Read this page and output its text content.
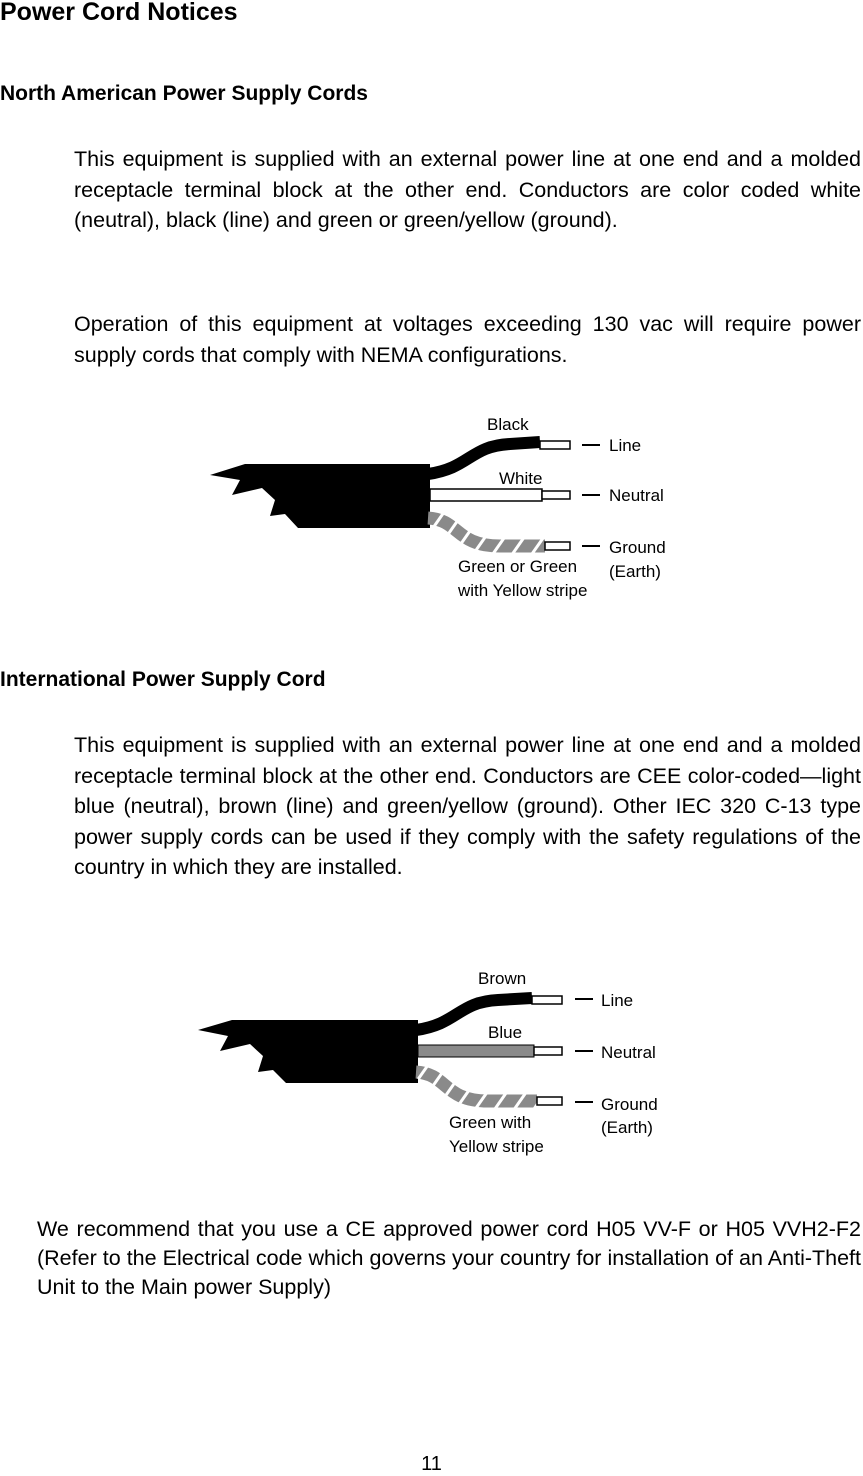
Power Cord Notices
North American Power Supply Cords

This equipment is supplied with an external power line at one end and a molded receptacle terminal block at the other end. Conductors are color coded white (neutral), black (line) and green or green/yellow (ground).

Operation of this equipment at voltages exceeding 130 vac will require power supply cords that comply with NEMA configurations.

Black
White
Green or Green
with Yellow stripe
Line
Neutral
Ground
(Earth)
International Power Supply Cord

This equipment is supplied with an external power line at one end and a molded receptacle terminal block at the other end. Conductors are CEE color-coded—light blue (neutral), brown (line) and green/yellow (ground). Other IEC 320 C-13 type power supply cords can be used if they comply with the safety regulations of the country in which they are installed.

Brown
Blue
Green with
Yellow stripe
Line
Neutral
Ground
(Earth)

We recommend that you use a CE approved power cord H05 VV-F or H05 VVH2-F2 (Refer to the Electrical code which governs your country for installation of an Anti-Theft Unit to the Main power Supply)

11
